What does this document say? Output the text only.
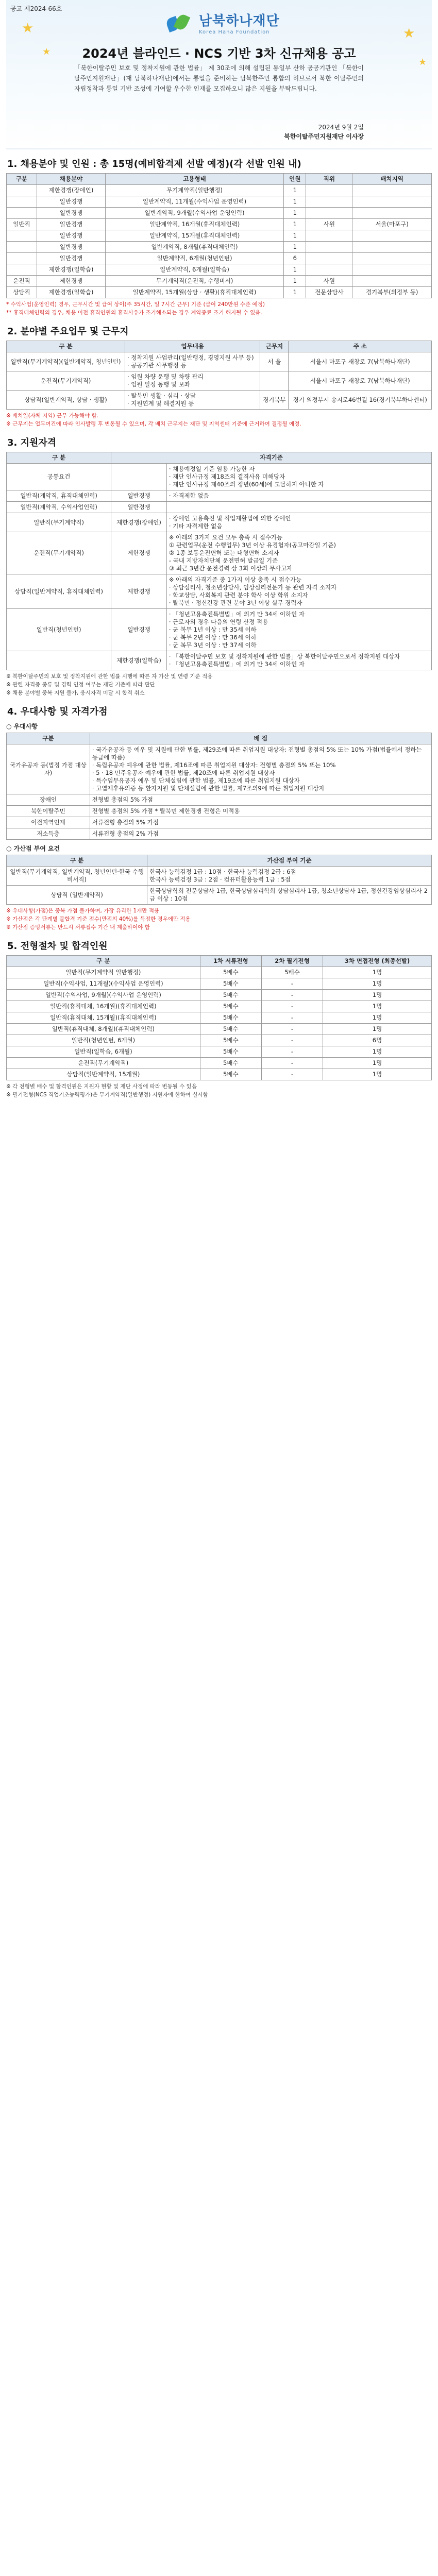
공고 제2024-66호
★
★
★
★
남북하나재단
Korea Hana Foundation
2024년 블라인드 · NCS 기반 3차 신규채용 공고
「북한이탈주민 보호 및 정착지원에 관한 법률」 제 30조에 의해 설립된 통일부 산하 공공기관인 「북한이탈주민지원재단」(재 남북하나재단)에서는 통일을 준비하는 남북한주민 통합의 허브로서 북한 이탈주민의 자립정착과 통일 기반 조성에 기여할 우수한 인재를 모집하오니 많은 지원을 부탁드립니다.
2024년 9월 2일
북한이탈주민지원재단 이사장
1. 채용분야 및 인원 : 총 15명(예비합격제 선발 예정)(각 선발 인원 내)
구분	채용분야	고용형태	인원	직위	배치지역
	제한경쟁(장애인)	무기계약직(일반행정)	1		
	일반경쟁	일반계약직, 11개월(수익사업 운영인력)	1		
	일반경쟁	일반계약직, 9개월(수익사업 운영인력)	1		
일반직	일반경쟁	일반계약직, 16개월(휴직대체인력)	1	사원	서울(마포구)
	일반경쟁	일반계약직, 15개월(휴직대체인력)	1		
	일반경쟁	일반계약직, 8개월(휴직대체인력)	1		
	일반경쟁	일반계약직, 6개월(청년인턴)	6		
	제한경쟁(일학습)	일반계약직, 6개월(일학습)	1		
운전직	제한경쟁	무기계약직(운전직, 수행비서)	1	사원	
상담직	제한경쟁(일학습)	일반계약직, 15개월(상담 · 생활)(휴직대체인력)	1	전문상담사	경기북부(의정부 등)
* 수익사업(운영인력) 경우, 근무시간 및 급여 상이(주 35시간, 일 7시간 근무) 기준 (급여 240만원 수준 예정)
** 휴직대체인력의 경우, 채용 이전 휴직인원의 휴직사유가 조기해소되는 경우 계약종료 조기 해지될 수 있음.
2. 분야별 주요업무 및 근무지
구 분	업무내용	근무지	주 소
일반직(무기계약직)(일반계약직, 청년인턴)	· 정착지원 사업관리(일반행정, 경영지원 사무 등)
· 공공기관 사무행정 등	서 울	서울시 마포구 새창로 7(남북하나재단)
운전직(무기계약직)	· 임원 차량 운행 및 차량 관리
· 임원 일정 동행 및 보좌		서울시 마포구 새창로 7(남북하나재단)
상담직(일반계약직, 상담 · 생활)	· 탈북민 생활 · 심리 · 상담
· 지원연계 및 해결지원 등	경기북부	경기 의정부시 송지로46번길 16(경기북부하나센터)
※ 배치일(자체 지역) 근무 가능해야 함.
※ 근무지는 업무여건에 따라 인사발령 후 변동될 수 있으며, 각 배치 근무지는 재단 및 지역센터 기준에 근거하여 결정될 예정.
3. 지원자격
구 분	자격기준	
공통요건		· 채용예정일 기준 임용 가능한 자
· 재단 인사규정 제18조의 결격사유 미해당자
· 재단 인사규정 제40조의 정년(60세)에 도달하지 아니한 자
일반직(계약직, 휴직대체인력)	일반경쟁	· 자격제한 없음
일반직(계약직, 수익사업인력)	일반경쟁	
일반직(무기계약직)	제한경쟁(장애인)	· 장애인 고용촉진 및 직업재활법에 의한 장애인
· 기타 자격제한 없음
운전직(무기계약직)	제한경쟁	※ 아래의 3가지 요건 모두 충족 시 접수가능
① 관련업무(운전 수행업무) 3년 이상 유경험자(공고마감일 기준)
② 1종 보통운전면허 또는 대형면허 소지자
- 국내 지방자치단체 운전면허 발급일 기준
③ 최근 3년간 운전경력 상 3회 이상의 무사고자
상담직(일반계약직, 휴직대체인력)	제한경쟁	※ 아래의 자격기준 중 1가지 이상 충족 시 접수가능
· 상담심리사, 청소년상담사, 임상심리전문가 등 관련 자격 소지자
· 학교상담, 사회복지 관련 분야 학사 이상 학위 소지자
· 탈북민 · 정신건강 관련 분야 3년 이상 실무 경력자
일반직(청년인턴)	일반경쟁	· 「청년고용촉진특별법」에 의거 만 34세 이하인 자
· 근로자의 경우 다음의 연령 산정 적용
· 군 복무 1년 이상 : 만 35세 이하
· 군 복무 2년 이상 : 만 36세 이하
· 군 복무 3년 이상 : 만 37세 이하
	제한경쟁(일학습)	· 「북한이탈주민 보호 및 정착지원에 관한 법률」상 북한이탈주민으로서 정착지원 대상자
· 「청년고용촉진특별법」에 의거 만 34세 이하인 자
※ 북한이탈주민의 보호 및 정착지원에 관한 법률 시행에 따른 자 가산 및 연령 기준 적용
※ 관련 자격증 종류 및 경력 인정 여부는 재단 기준에 따라 판단
※ 채용 분야별 중복 지원 불가, 응시자격 미달 시 합격 취소
4. 우대사항 및 자격가점
○ 우대사항
구분	배 점
국가유공자 등(법정 가점 대상자)	· 국가유공자 등 예우 및 지원에 관한 법률, 제29조에 따른 취업지원 대상자: 전형별 총점의 5% 또는 10% 가점(법률에서 정하는 등급에 따름)
· 독립유공자 예우에 관한 법률, 제16조에 따른 취업지원 대상자: 전형별 총점의 5% 또는 10%
· 5 · 18 민주유공자 예우에 관한 법률, 제20조에 따른 취업지원 대상자
· 특수임무유공자 예우 및 단체설립에 관한 법률, 제19조에 따른 취업지원 대상자
· 고엽제후유의증 등 환자지원 및 단체설립에 관한 법률, 제7조의9에 따른 취업지원 대상자
장애인	전형별 총점의 5% 가점
북한이탈주민	전형별 총점의 5% 가점 * 탈북민 제한경쟁 전형은 미적용
이전지역인재	서류전형 총점의 5% 가점
저소득층	서류전형 총점의 2% 가점
○ 가산점 부여 요건
구 분	가산점 부여 기준
일반직(무기계약직, 일반계약직, 청년인턴·한국 수행비서직)	한국사 능력검정 1급 : 10점 · 한국사 능력검정 2급 : 6점
한국사 능력검정 3급 : 2점 · 컴퓨터활용능력 1급 : 5점
상담직 (일반계약직)	한국상담학회 전문상담사 1급, 한국상담심리학회 상담심리사 1급, 청소년상담사 1급, 정신건강임상심리사 2급 이상 : 10점
※ 우대사항(가점)은 중복 가점 불가하며, 가장 유리한 1개만 적용
※ 가산점은 각 단계별 불합격 기준 점수(만점의 40%)를 득점한 경우에만 적용
※ 가산점 증빙서류는 반드시 서류접수 기간 내 제출하여야 함
5. 전형절차 및 합격인원
구 분	1차 서류전형	2차 필기전형	3차 면접전형 (최종선발)
일반직(무기계약직 일반행정)	5배수	5배수	1명
일반직(수익사업, 11개월)(수익사업 운영인력)	5배수	-	1명
일반직(수익사업, 9개월)(수익사업 운영인력)	5배수	-	1명
일반직(휴직대체, 16개월)(휴직대체인력)	5배수	-	1명
일반직(휴직대체, 15개월)(휴직대체인력)	5배수	-	1명
일반직(휴직대체, 8개월)(휴직대체인력)	5배수	-	1명
일반직(청년인턴, 6개월)	5배수	-	6명
일반직(일학습, 6개월)	5배수	-	1명
운전직(무기계약직)	5배수	-	1명
상담직(일반계약직, 15개월)	5배수	-	1명
※ 각 전형별 배수 및 합격인원은 지원자 현황 및 재단 사정에 따라 변동될 수 있음
※ 필기전형(NCS 직업기초능력평가)은 무기계약직(일반행정) 지원자에 한하여 실시함
